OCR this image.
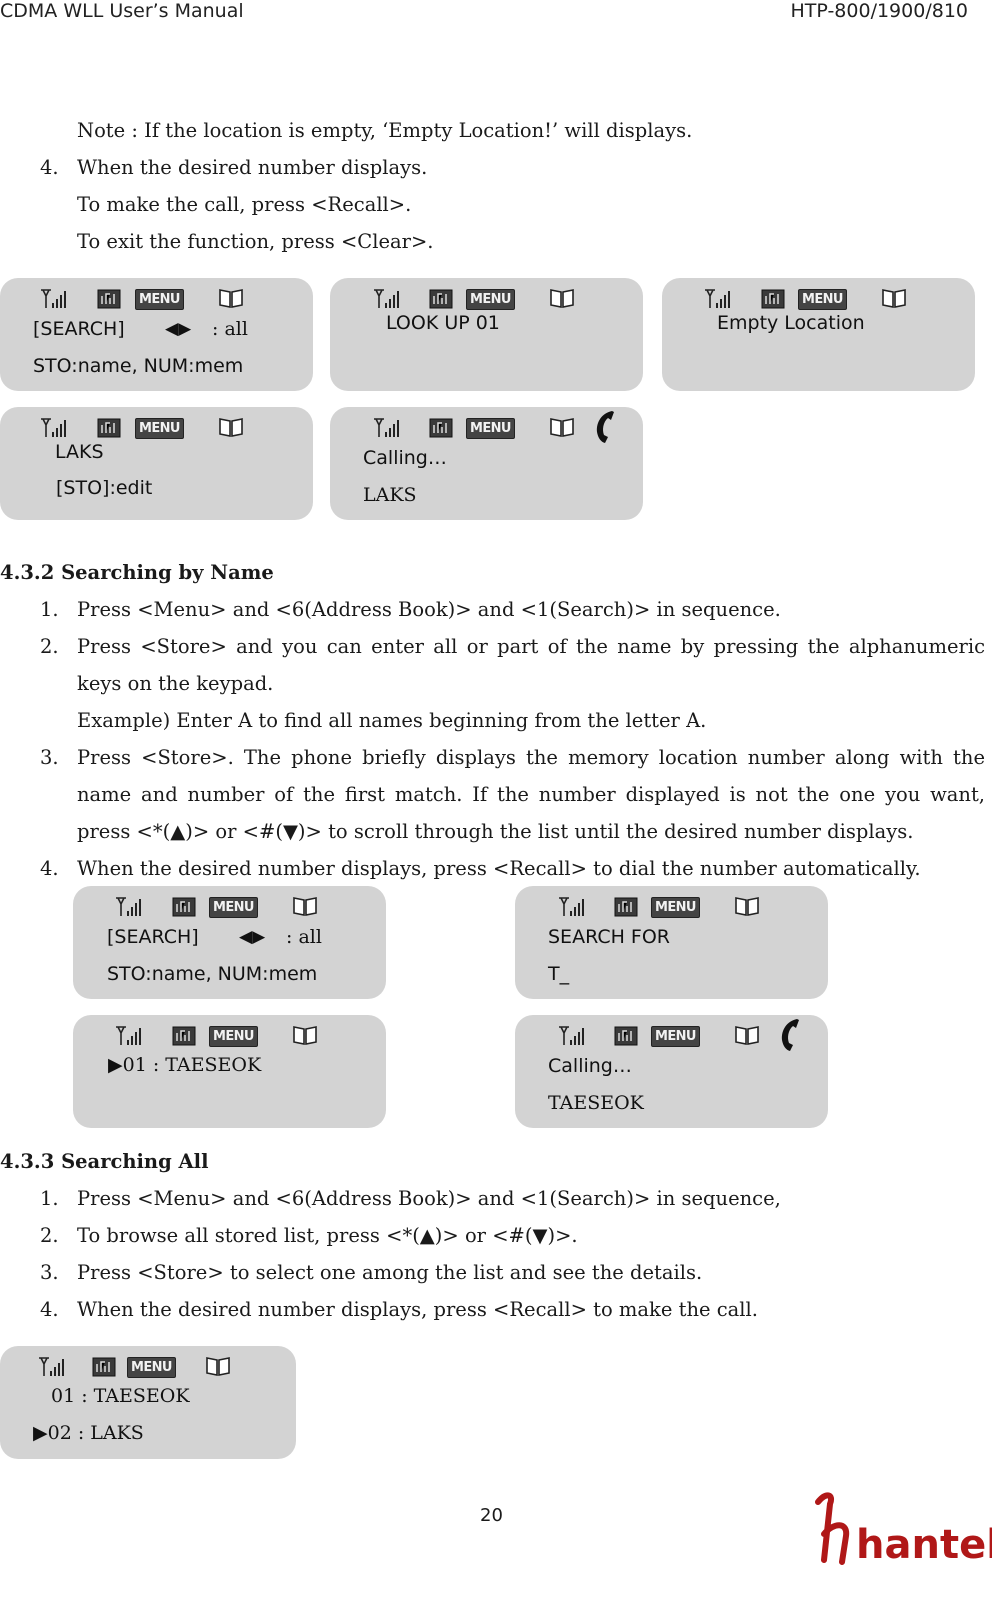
CDMA WLL User’s Manual	HTP-800/1900/810
Note : If the location is empty, ‘Empty Location!’ will displays.
4. When the desired number displays.
To make the call, press <Recall>.
To exit the function, press <Clear>.
MENU
[SEARCH] ◀▶ : all
STO:name, NUM:mem
MENU
LOOK UP 01
MENU
Empty Location
MENU
LAKS
[STO]:edit
MENU
Calling…
LAKS
4.3.2 Searching by Name
1. Press <Menu> and <6(Address Book)> and <1(Search)> in sequence.
2. Press <Store> and you can enter all or part of the name by pressing the alphanumeric
keys on the keypad.
Example) Enter A to find all names beginning from the letter A.
3. Press <Store>. The phone briefly displays the memory location number along with the
name and number of the first match. If the number displayed is not the one you want,
press <*(▲)> or <#(▼)> to scroll through the list until the desired number displays.
4. When the desired number displays, press <Recall> to dial the number automatically.
MENU
[SEARCH] ◀▶ : all
STO:name, NUM:mem
MENU
SEARCH FOR
T_
MENU
▶01 : TAESEOK
MENU
Calling…
TAESEOK
4.3.3 Searching All
1. Press <Menu> and <6(Address Book)> and <1(Search)> in sequence,
2. To browse all stored list, press <*(▲)> or <#(▼)>.
3. Press <Store> to select one among the list and see the details.
4. When the desired number displays, press <Recall> to make the call.
MENU
01 : TAESEOK
▶02 : LAKS
20
hantel
